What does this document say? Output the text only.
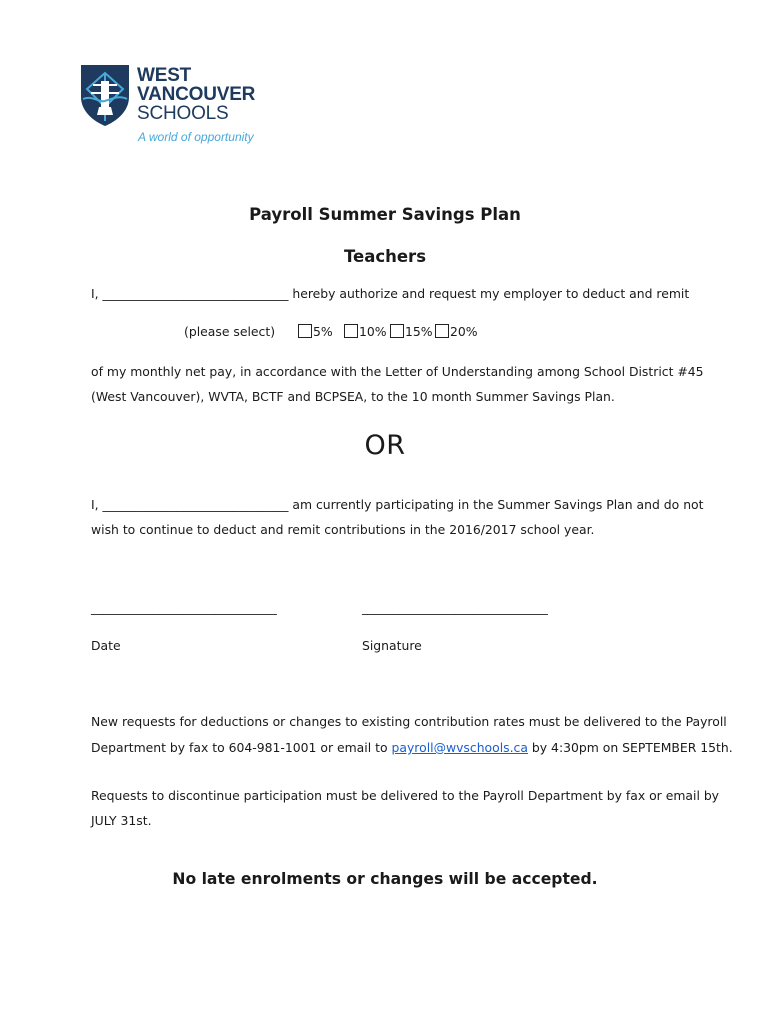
WEST
VANCOUVER
SCHOOLS
A world of opportunity
Payroll Summer Savings Plan
Teachers
I, ______________________________ hereby authorize and request my employer to deduct and remit
(please select)	5%	10%	15%	20%
of my monthly net pay, in accordance with the Letter of Understanding among School District #45
(West Vancouver), WVTA, BCTF and BCPSEA, to the 10 month Summer Savings Plan.
OR
I, ______________________________ am currently participating in the Summer Savings Plan and do not
wish to continue to deduct and remit contributions in the 2016/2017 school year.
______________________________	______________________________
Date	Signature
New requests for deductions or changes to existing contribution rates must be delivered to the Payroll
Department by fax to 604-981-1001 or email to payroll@wvschools.ca by 4:30pm on SEPTEMBER 15th.
Requests to discontinue participation must be delivered to the Payroll Department by fax or email by
JULY 31st.
No late enrolments or changes will be accepted.
